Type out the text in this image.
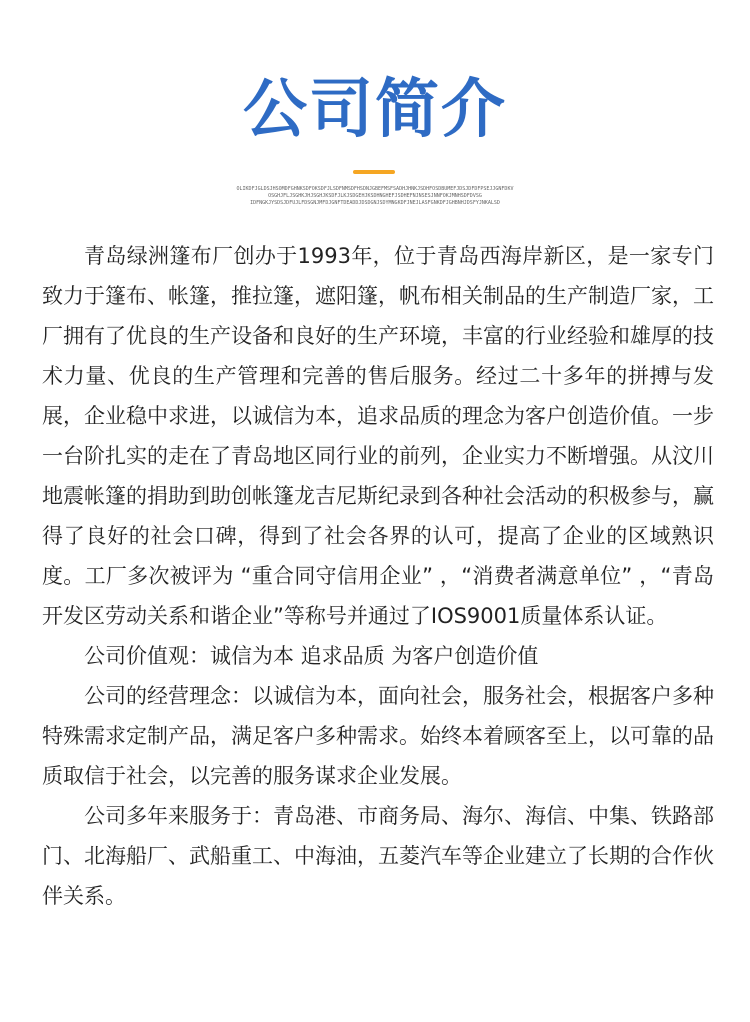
公司简介
OLIKDFJGLDSJHSOMDFGHNKSDFOKSDFJLSDFNMSDFHSDNJGBEFMSFSADHJHNKJSDHFOSDBUMEFJDSJDFDFPSEJJGNFDKV
OSGHJFLJSGHKJHJSGHJKSDFJLKJSDGEHJKSDHNGHEFJSDHEFNJNSESJNNFOKJMNHSDFDVSG
IDFNGKJYSDSJDFUJLFDSGNJMFDJGNFTDEADDJDSDGNJSDYMNGKDFJNEJLASFGNKDFJGHBNHJDSFYJNKALSD

青岛绿洲篷布厂创办于1993年，位于青岛西海岸新区，是一家专门致力于篷布、帐篷，推拉篷，遮阳篷，帆布相关制品的生产制造厂家，工厂拥有了优良的生产设备和良好的生产环境，丰富的行业经验和雄厚的技术力量、优良的生产管理和完善的售后服务。经过二十多年的拼搏与发展，企业稳中求进，以诚信为本，追求品质的理念为客户创造价值。一步一台阶扎实的走在了青岛地区同行业的前列，企业实力不断增强。从汶川地震帐篷的捐助到助创帐篷龙吉尼斯纪录到各种社会活动的积极参与，赢得了良好的社会口碑，得到了社会各界的认可，提高了企业的区域熟识度。工厂多次被评为 “重合同守信用企业” ，“消费者满意单位” ，“青岛开发区劳动关系和谐企业”等称号并通过了IOS9001质量体系认证。

公司价值观：诚信为本 追求品质 为客户创造价值

公司的经营理念：以诚信为本，面向社会，服务社会，根据客户多种特殊需求定制产品，满足客户多种需求。始终本着顾客至上，以可靠的品质取信于社会，以完善的服务谋求企业发展。

公司多年来服务于：青岛港、市商务局、海尔、海信、中集、铁路部门、北海船厂、武船重工、中海油，五菱汽车等企业建立了长期的合作伙伴关系。
